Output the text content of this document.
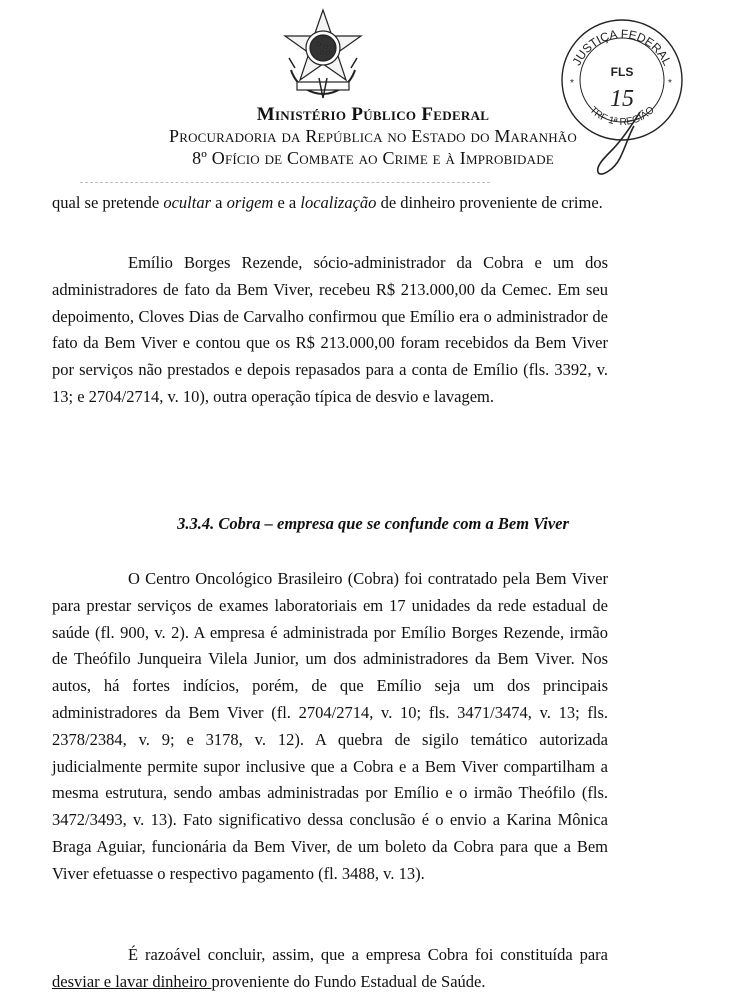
Ministério Público Federal
Procuradoria da República no Estado do Maranhão
8º Ofício de Combate ao Crime e à Improbidade
JUSTIÇA FEDERAL
TRF 1ª REGIÃO
FLS
15
*	*

qual se pretende ocultar a origem e a localização de dinheiro proveniente de crime.

Emílio Borges Rezende, sócio-administrador da Cobra e um dos administradores de fato da Bem Viver, recebeu R$ 213.000,00 da Cemec. Em seu depoimento, Cloves Dias de Carvalho confirmou que Emílio era o administrador de fato da Bem Viver e contou que os R$ 213.000,00 foram recebidos da Bem Viver por serviços não prestados e depois repasados para a conta de Emílio (fls. 3392, v. 13; e 2704/2714, v. 10), outra operação típica de desvio e lavagem.

3.3.4. Cobra – empresa que se confunde com a Bem Viver

O Centro Oncológico Brasileiro (Cobra) foi contratado pela Bem Viver para prestar serviços de exames laboratoriais em 17 unidades da rede estadual de saúde (fl. 900, v. 2). A empresa é administrada por Emílio Borges Rezende, irmão de Theófilo Junqueira Vilela Junior, um dos administradores da Bem Viver. Nos autos, há fortes indícios, porém, de que Emílio seja um dos principais administradores da Bem Viver (fl. 2704/2714, v. 10; fls. 3471/3474, v. 13; fls. 2378/2384, v. 9; e 3178, v. 12). A quebra de sigilo temático autorizada judicialmente permite supor inclusive que a Cobra e a Bem Viver compartilham a mesma estrutura, sendo ambas administradas por Emílio e o irmão Theófilo (fls. 3472/3493, v. 13). Fato significativo dessa conclusão é o envio a Karina Mônica Braga Aguiar, funcionária da Bem Viver, de um boleto da Cobra para que a Bem Viver efetuasse o respectivo pagamento (fl. 3488, v. 13).

É razoável concluir, assim, que a empresa Cobra foi constituída para desviar e lavar dinheiro proveniente do Fundo Estadual de Saúde.
